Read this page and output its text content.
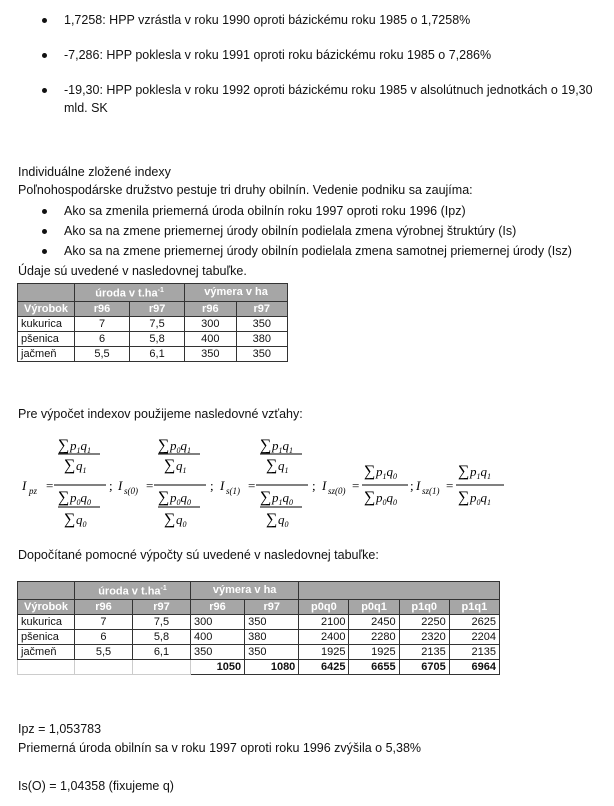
1,7258: HPP vzrástla v roku 1990 oproti bázickému roku 1985 o 1,7258%
-7,286: HPP poklesla v roku 1991 oproti roku bázickému roku 1985 o 7,286%
-19,30: HPP poklesla v roku 1992 oproti bázickému roku 1985 v alsolútnuch jednotkách o 19,30
mld. SK
Individuálne zložené indexy
Poľnohospodárske družstvo pestuje tri druhy obilnín. Vedenie podniku sa zaujíma:
Ako sa zmenila priemerná úroda obilnín roku 1997 oproti roku 1996 (Ipz)
Ako sa na zmene priemernej úrody obilnín podielala zmena výrobnej štruktúry (Is)
Ako sa na zmene priemernej úrody obilnín podielala zmena samotnej priemernej úrody (Isz)
Údaje sú uvedené v nasledovnej tabuľke.
	úroda v $t.ha^{-1}$		výmera v ha	
Výrobok	r96	r97	r96	r97
kukurica	7	7,5	300	350
pšenica	6	5,8	400	380
jačmeň	5,5	6,1	350	350
Pre výpočet indexov použijeme nasledovné vzťahy:
I pz =
∑ $p_1q_1$
∑ $q_1$
∑ $p_0q_0$
∑ $q_0$
; I s(0) =
∑ $p_0q_1$
∑ $q_1$
∑ $p_0q_0$
∑ $q_0$
; I s(1) =
∑ $p_1q_1$
∑ $q_1$
∑ $p_1q_0$
∑ $q_0$
; I sz(0) =
∑ $p_1q_0$
∑ $p_0q_0$
; I sz(1) =
∑ $p_1q_1$
∑ $p_0q_1$
Dopočítané pomocné výpočty sú uvedené v nasledovnej tabuľke:
	úroda v $t.ha^{-1}$		výmera v ha					
Výrobok	r96	r97	r96	r97	p0q0	p0q1	p1q0	p1q1
kukurica	7	7,5	300	350	2100	2450	2250	2625
pšenica	6	5,8	400	380	2400	2280	2320	2204
jačmeň	5,5	6,1	350	350	1925	1925	2135	2135
			1050	1080	6425	6655	6705	6964
Ipz = 1,053783
Priemerná úroda obilnín sa v roku 1997 oproti roku 1996 zvýšila o 5,38%
Is(O) = 1,04358 (fixujeme q)
